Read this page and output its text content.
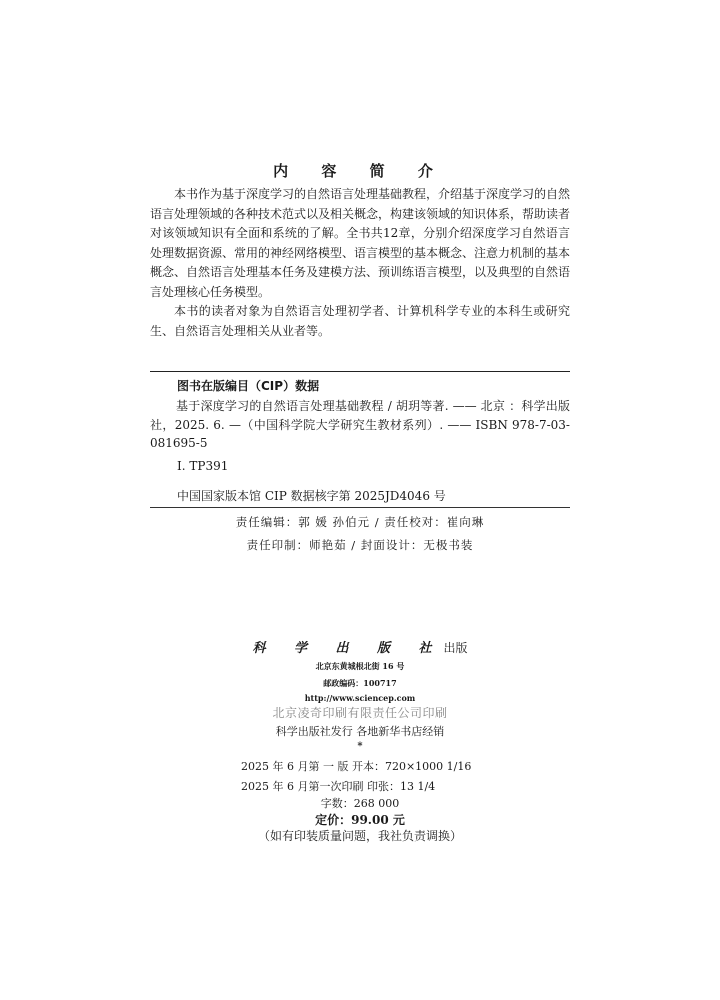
内 容 简 介

本书作为基于深度学习的自然语言处理基础教程，介绍基于深度学习的自然语言处理领域的各种技术范式以及相关概念，构建该领域的知识体系，帮助读者对该领域知识有全面和系统的了解。全书共12章，分别介绍深度学习自然语言处理数据资源、常用的神经网络模型、语言模型的基本概念、注意力机制的基本概念、自然语言处理基本任务及建模方法、预训练语言模型，以及典型的自然语言处理核心任务模型。

本书的读者对象为自然语言处理初学者、计算机科学专业的本科生或研究生、自然语言处理相关从业者等。

图书在版编目（CIP）数据
基于深度学习的自然语言处理基础教程 / 胡玥等著. —— 北京 ：科学出版社，2025. 6. —（中国科学院大学研究生教材系列）. —— ISBN 978-7-03-081695-5
Ⅰ. TP391
中国国家版本馆 CIP 数据核字第 2025JD4046 号
责任编辑：郭 媛 孙伯元 / 责任校对：崔向琳
责任印制：师艳茹 / 封面设计：无极书装
科 学 出 版 社出版
北京东黄城根北街 16 号
邮政编码：100717
http://www.sciencep.com
北京凌奇印刷有限责任公司印刷
科学出版社发行 各地新华书店经销
*
2025 年 6 月第 一 版 开本：720×1000 1/16
2025 年 6 月第一次印刷 印张：13 1/4
字数：268 000
定价：99.00 元
（如有印装质量问题，我社负责调换）
